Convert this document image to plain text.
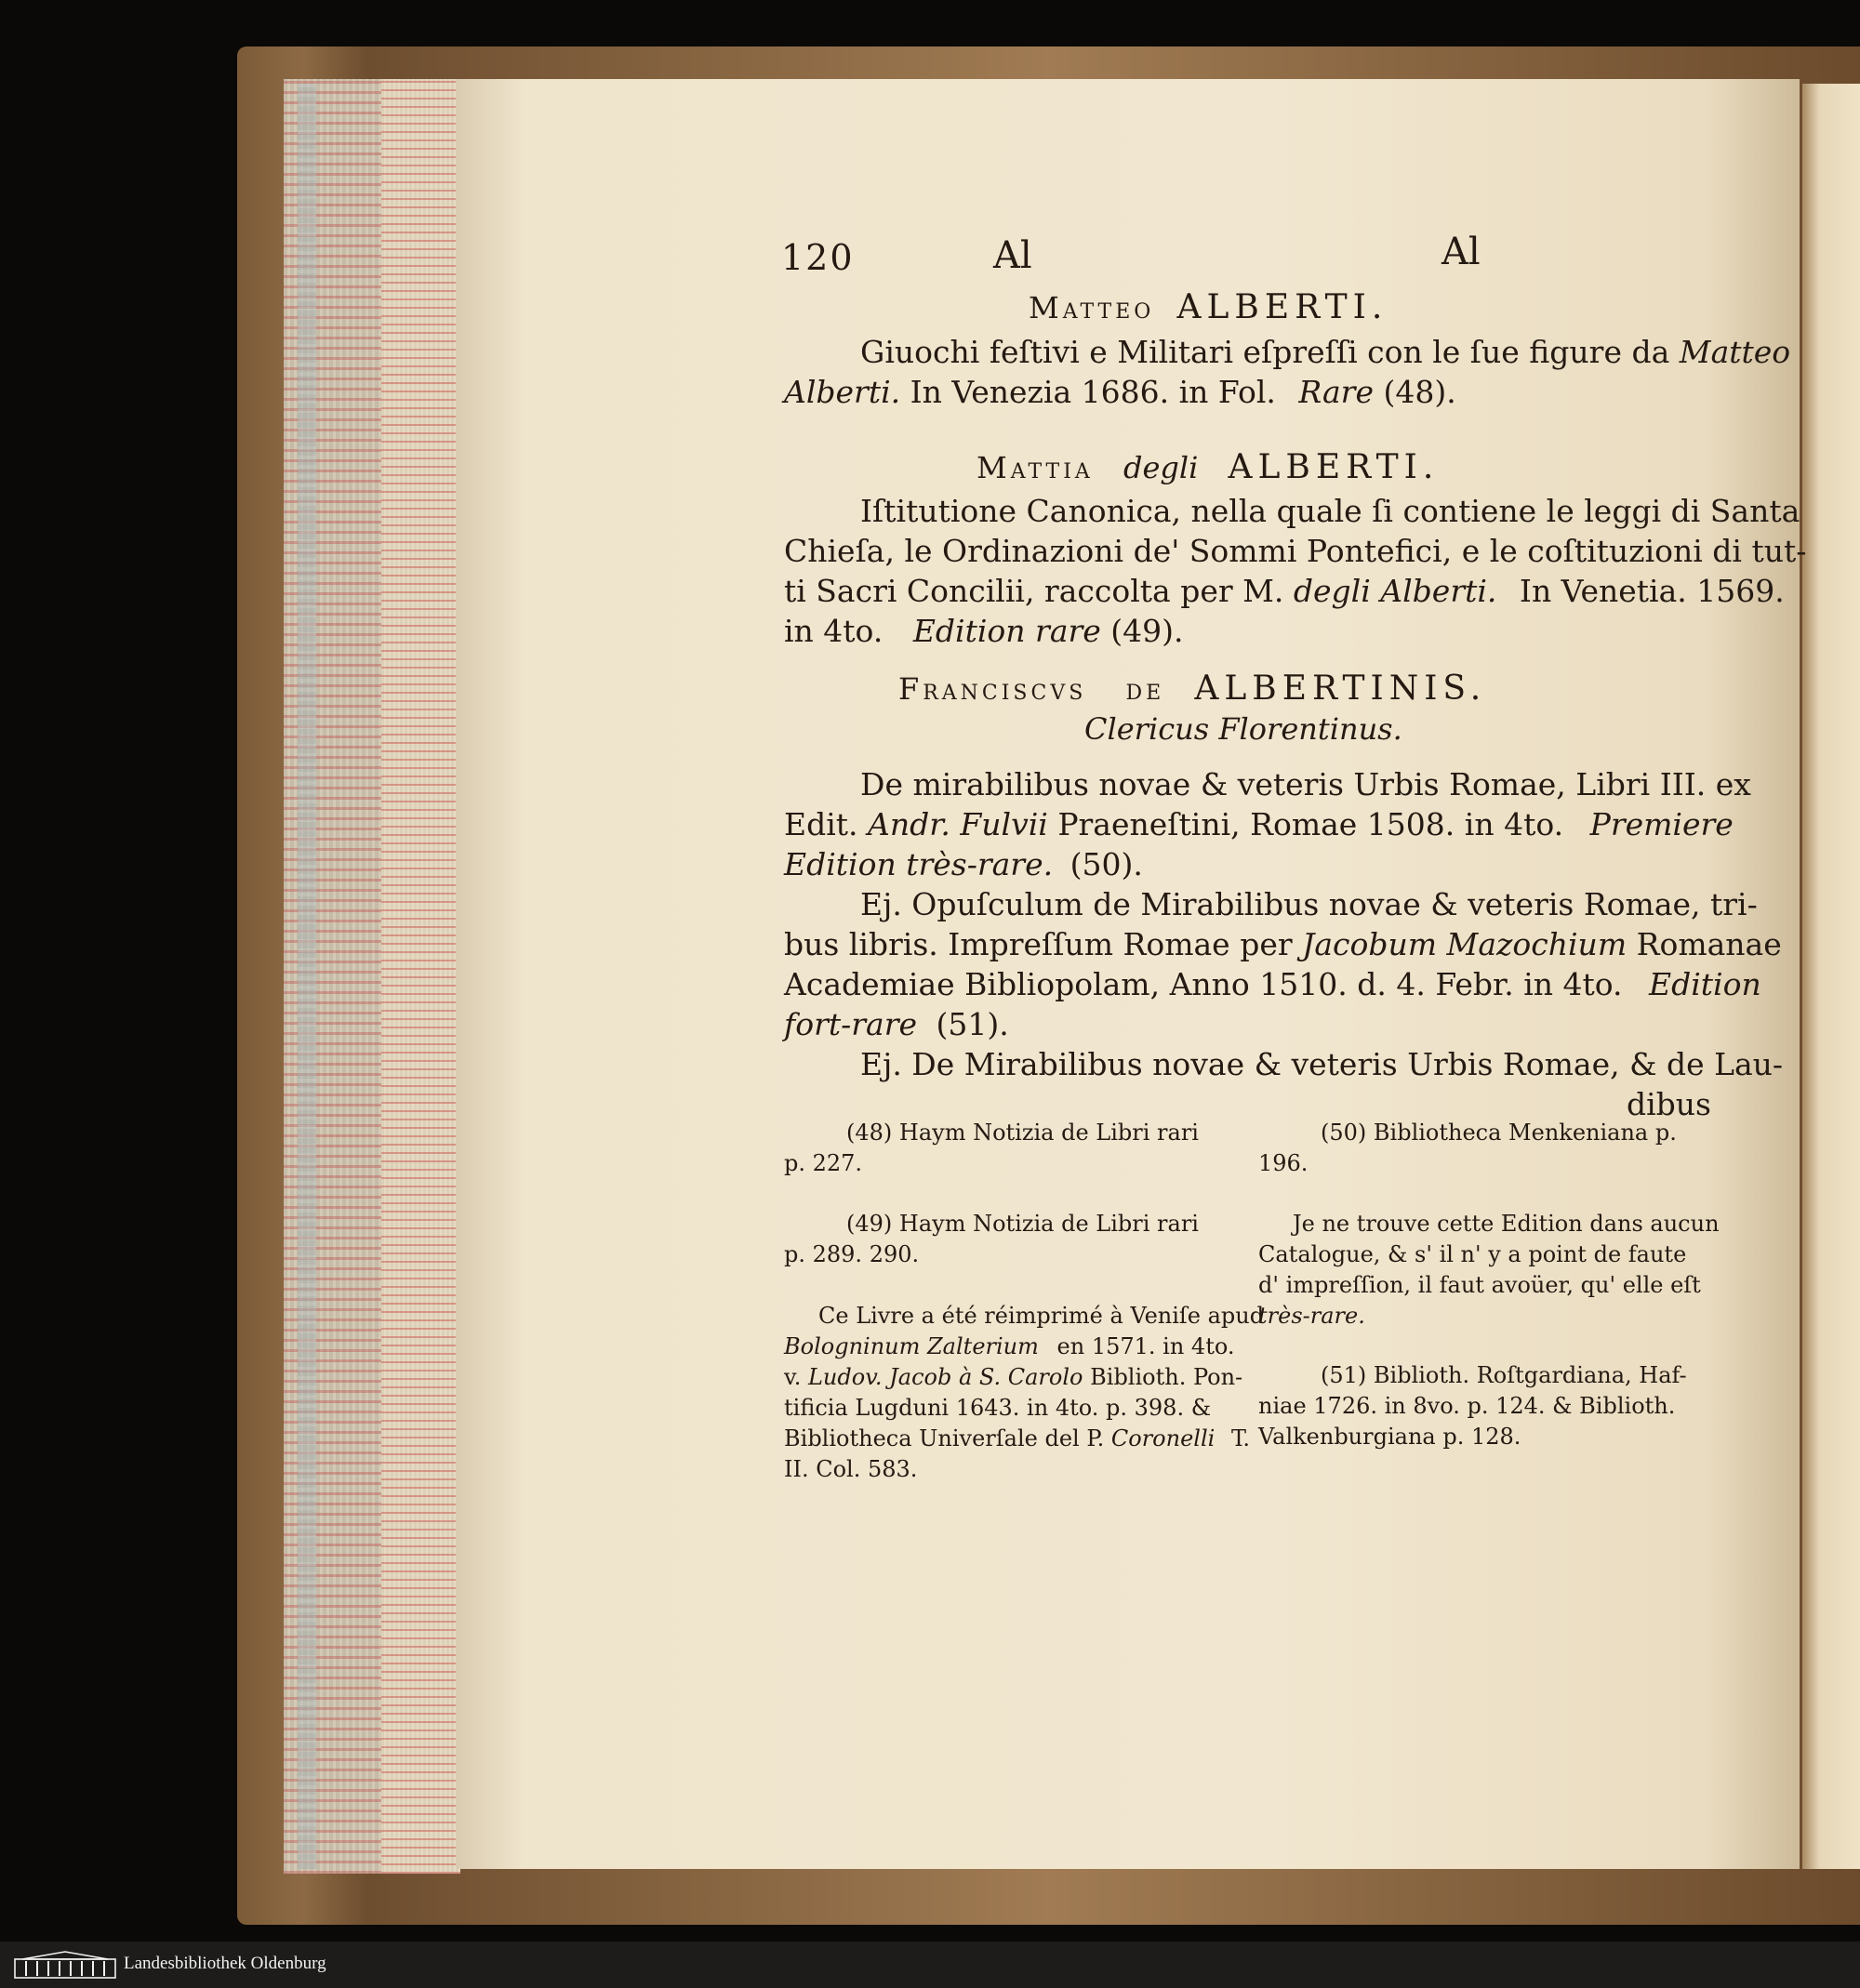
120	Al	Al
Matteo ALBERTI.
Giuochi feſtivi e Militari eſpreſſi con le ſue figure da Matteo
Alberti. In Venezia 1686. in Fol. Rare (48).
Mattia degli ALBERTI.
Iſtitutione Canonica, nella quale ſi contiene le leggi di Santa
Chieſa, le Ordinazioni de' Sommi Pontefici, e le coſtituzioni di tut-
ti Sacri Concilii, raccolta per M. degli Alberti. In Venetia. 1569.
in 4to. Edition rare (49).
Franciscvs de ALBERTINIS.
Clericus Florentinus.
De mirabilibus novae & veteris Urbis Romae, Libri III. ex
Edit. Andr. Fulvii Praeneſtini, Romae 1508. in 4to. Premiere
Edition très-rare. (50).
Ej. Opuſculum de Mirabilibus novae & veteris Romae, tri-
bus libris. Impreſſum Romae per Jacobum Mazochium Romanae
Academiae Bibliopolam, Anno 1510. d. 4. Febr. in 4to. Edition
fort-rare (51).
Ej. De Mirabilibus novae & veteris Urbis Romae, & de Lau-
dibus
(48) Haym Notizia de Libri rari
p. 227.
(49) Haym Notizia de Libri rari
p. 289. 290.
Ce Livre a été réimprimé à Veniſe apud
Bologninum Zalterium en 1571. in 4to.
v. Ludov. Jacob à S. Carolo Biblioth. Pon-
tificia Lugduni 1643. in 4to. p. 398. &
Bibliotheca Univerſale del P. Coronelli T.
II. Col. 583.
(50) Bibliotheca Menkeniana p.
196.
Je ne trouve cette Edition dans aucun
Catalogue, & s' il n' y a point de faute
d' impreſſion, il faut avoüer, qu' elle eſt
très-rare.
(51) Biblioth. Roſtgardiana, Haf-
niae 1726. in 8vo. p. 124. & Biblioth.
Valkenburgiana p. 128.
Landesbibliothek Oldenburg
